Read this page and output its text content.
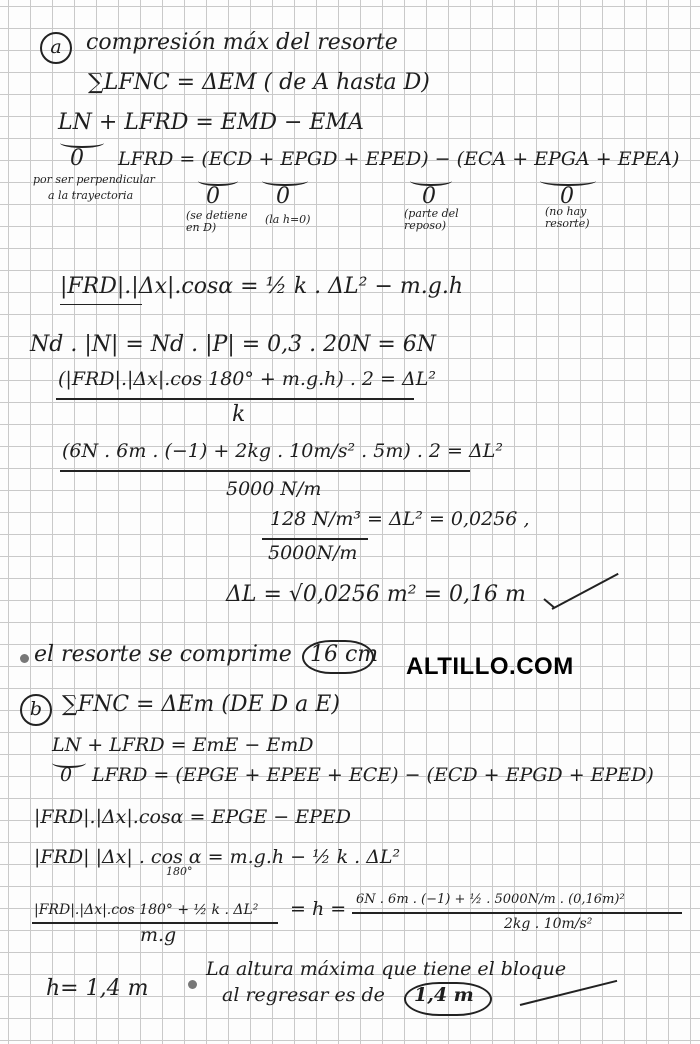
a	compresión máx del resorte
∑LFNC = ΔEM ( de A hasta D)
LN + LFRD = EMD − EMA
0 LFRD = (ECD + EPGD + EPED) − (ECA + EPGA + EPEA)
por ser perpendicular
a la trayectoria	0	0	0	0
(se detiene en D)
(la h=0)	(parte del reposo)
(no hay resorte)
|FRD|.|Δx|.cosα = ½ k . ΔL² − m.g.h
Nd . |N| = Nd . |P| = 0,3 . 20N = 6N
(|FRD|.|Δx|.cos 180° + m.g.h) . 2 = ΔL²
k
(6N . 6m . (−1) + 2kg . 10m/s² . 5m) . 2 = ΔL²
5000 N/m
128 N/m³ = ΔL² = 0,0256 ,
5000N/m
ΔL = √0,0256 m² = 0,16 m
el resorte se comprime 16 cm ALTILLO.COM
b ∑FNC = ΔEm (DE D a E)
LN + LFRD = EmE − EmD
0 LFRD = (EPGE + EPEE + ECE) − (ECD + EPGD + EPED)
|FRD|.|Δx|.cosα = EPGE − EPED
|FRD| |Δx| . cos α = m.g.h − ½ k . ΔL²
180°
|FRD|.|Δx|.cos 180° + ½ k . ΔL²
m.g
= h = 6N . 6m . (−1) + ½ . 5000N/m . (0,16m)²
2kg . 10m/s²
h= 1,4 m
La altura máxima que tiene el bloque
al regresar es de 1,4 m
